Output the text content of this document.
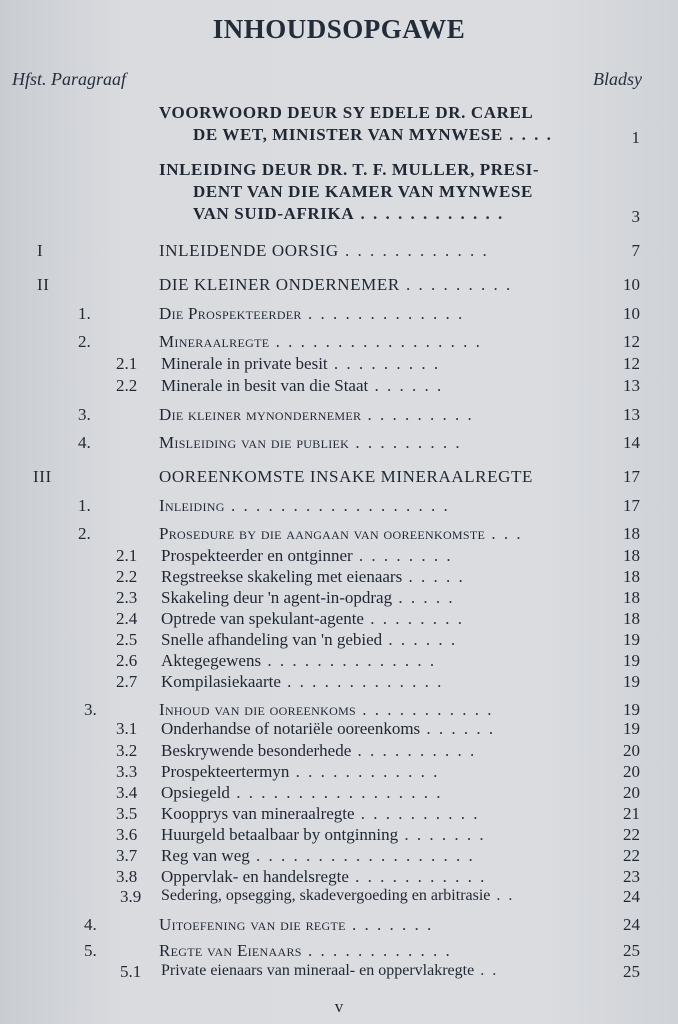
INHOUDSOPGAWE
Hfst. Paragraaf	Bladsy
VOORWOORD DEUR SY EDELE DR. CAREL
DE WET, MINISTER VAN MYNWESE . . . .	1
INLEIDING DEUR DR. T. F. MULLER, PRESI-
DENT VAN DIE KAMER VAN MYNWESE
VAN SUID-AFRIKA . . . . . . . . . . . .	3
I	INLEIDENDE OORSIG . . . . . . . . . . . .	7
II	DIE KLEINER ONDERNEMER . . . . . . . . .	10
1.	Die Prospekteerder . . . . . . . . . . . . .	10
2.	Mineraalregte . . . . . . . . . . . . . . . . .	12
2.1 Minerale in private besit . . . . . . . . .	12
2.2 Minerale in besit van die Staat . . . . . .	13
3.	Die kleiner mynondernemer . . . . . . . . .	13
4.	Misleiding van die publiek . . . . . . . . .	14
III	OOREENKOMSTE INSAKE MINERAALREGTE	17
1.	Inleiding . . . . . . . . . . . . . . . . . .	17
2.	Prosedure by die aangaan van ooreenkomste . . .	18
2.1 Prospekteerder en ontginner . . . . . . . .	18
2.2 Regstreekse skakeling met eienaars . . . . .	18
2.3 Skakeling deur 'n agent-in-opdrag . . . . .	18
2.4 Optrede van spekulant-agente . . . . . . . .	18
2.5 Snelle afhandeling van 'n gebied . . . . . .	19
2.6 Aktegegewens . . . . . . . . . . . . . .	19
2.7 Kompilasiekaarte . . . . . . . . . . . . .	19
3.	Inhoud van die ooreenkoms . . . . . . . . . . .	19
3.1 Onderhandse of notariële ooreenkoms . . . . . .	19
3.2 Beskrywende besonderhede . . . . . . . . . .	20
3.3 Prospekteertermyn . . . . . . . . . . . .	20
3.4 Opsiegeld . . . . . . . . . . . . . . . . .	20
3.5 Koopprys van mineraalregte . . . . . . . . . .	21
3.6 Huurgeld betaalbaar by ontginning . . . . . . .	22
3.7 Reg van weg . . . . . . . . . . . . . . . . . .	22
3.8 Oppervlak- en handelsregte . . . . . . . . . . .	23
3.9 Sedering, opsegging, skadevergoeding en arbitrasie . .	24
4.	Uitoefening van die regte . . . . . . .	24
5.	Regte van Eienaars . . . . . . . . . . . .	25
5.1 Private eienaars van mineraal- en oppervlakregte . .	25
v
